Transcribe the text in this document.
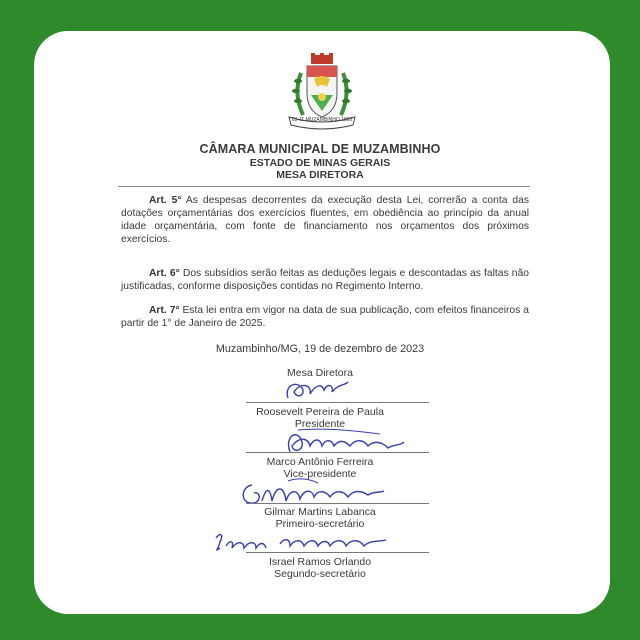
03-11 MUZAMBINHO 1880
CÂMARA MUNICIPAL DE MUZAMBINHO
ESTADO DE MINAS GERAIS
MESA DIRETORA
Art. 5° As despesas decorrentes da execução desta Lei, correrão a conta das dotações orçamentárias dos exercícios fluentes, em obediência ao princípio da anual idade orçamentária, com fonte de financiamento nos orçamentos dos próximos exercícios.
Art. 6° Dos subsídios serão feitas as deduções legais e descontadas as faltas não justificadas, conforme disposições contidas no Regimento Interno.
Art. 7° Esta lei entra em vigor na data de sua publicação, com efeitos financeiros a partir de 1° de Janeiro de 2025.
Muzambinho/MG, 19 de dezembro de 2023
Mesa Diretora
Roosevelt Pereira de Paula
Presidente
Marco Antônio Ferreira
Vice-presidente
Gilmar Martins Labanca
Primeiro-secretário
Israel Ramos Orlando
Segundo-secretário
